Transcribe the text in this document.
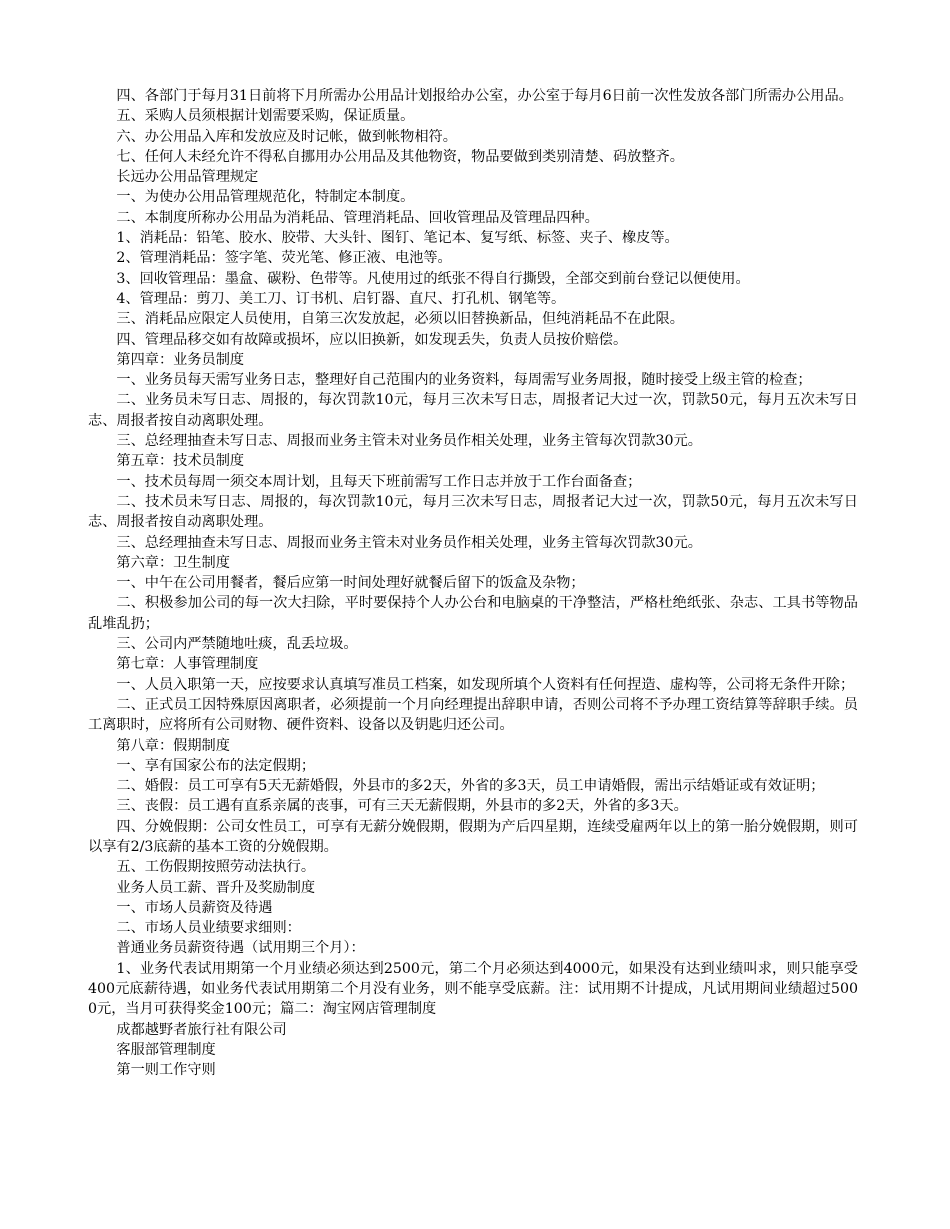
四、各部门于每月31日前将下月所需办公用品计划报给办公室，办公室于每月6日前一次性发放各部门所需办公用品。

五、采购人员须根据计划需要采购，保证质量。

六、办公用品入库和发放应及时记帐，做到帐物相符。

七、任何人未经允许不得私自挪用办公用品及其他物资，物品要做到类别清楚、码放整齐。

长远办公用品管理规定

一、为使办公用品管理规范化，特制定本制度。

二、本制度所称办公用品为消耗品、管理消耗品、回收管理品及管理品四种。

1、消耗品：铅笔、胶水、胶带、大头针、图钉、笔记本、复写纸、标签、夹子、橡皮等。

2、管理消耗品：签字笔、荧光笔、修正液、电池等。

3、回收管理品：墨盒、碳粉、色带等。凡使用过的纸张不得自行撕毁，全部交到前台登记以便使用。

4、管理品：剪刀、美工刀、订书机、启钉器、直尺、打孔机、钢笔等。

三、消耗品应限定人员使用，自第三次发放起，必须以旧替换新品，但纯消耗品不在此限。

四、管理品移交如有故障或损坏，应以旧换新，如发现丢失，负责人员按价赔偿。

第四章：业务员制度

一、业务员每天需写业务日志，整理好自己范围内的业务资料，每周需写业务周报，随时接受上级主管的检查；

二、业务员未写日志、周报的，每次罚款10元，每月三次未写日志，周报者记大过一次，罚款50元，每月五次未写日志、周报者按自动离职处理。

三、总经理抽查未写日志、周报而业务主管未对业务员作相关处理，业务主管每次罚款30元。

第五章：技术员制度

一、技术员每周一须交本周计划，且每天下班前需写工作日志并放于工作台面备查；

二、技术员未写日志、周报的，每次罚款10元，每月三次未写日志，周报者记大过一次，罚款50元，每月五次未写日志、周报者按自动离职处理。

三、总经理抽查未写日志、周报而业务主管未对业务员作相关处理，业务主管每次罚款30元。

第六章：卫生制度

一、中午在公司用餐者，餐后应第一时间处理好就餐后留下的饭盒及杂物；

二、积极参加公司的每一次大扫除，平时要保持个人办公台和电脑桌的干净整洁，严格杜绝纸张、杂志、工具书等物品乱堆乱扔；

三、公司内严禁随地吐痰，乱丢垃圾。

第七章：人事管理制度

一、人员入职第一天，应按要求认真填写准员工档案，如发现所填个人资料有任何捏造、虚构等，公司将无条件开除；

二、正式员工因特殊原因离职者，必须提前一个月向经理提出辞职申请，否则公司将不予办理工资结算等辞职手续。员工离职时，应将所有公司财物、硬件资料、设备以及钥匙归还公司。

第八章：假期制度

一、享有国家公布的法定假期；

二、婚假：员工可享有5天无薪婚假，外县市的多2天，外省的多3天，员工申请婚假，需出示结婚证或有效证明；

三、丧假：员工遇有直系亲属的丧事，可有三天无薪假期，外县市的多2天，外省的多3天。

四、分娩假期：公司女性员工，可享有无薪分娩假期，假期为产后四星期，连续受雇两年以上的第一胎分娩假期，则可以享有2/3底薪的基本工资的分娩假期。

五、工伤假期按照劳动法执行。

业务人员工薪、晋升及奖励制度

一、市场人员薪资及待遇

二、市场人员业绩要求细则：

普通业务员薪资待遇（试用期三个月）：

1、业务代表试用期第一个月业绩必须达到2500元，第二个月必须达到4000元，如果没有达到业绩叫求，则只能享受400元底薪待遇，如业务代表试用期第二个月没有业务，则不能享受底薪。注：试用期不计提成，凡试用期间业绩超过5000元，当月可获得奖金100元；篇二：淘宝网店管理制度

成都越野者旅行社有限公司

客服部管理制度

第一则工作守则
